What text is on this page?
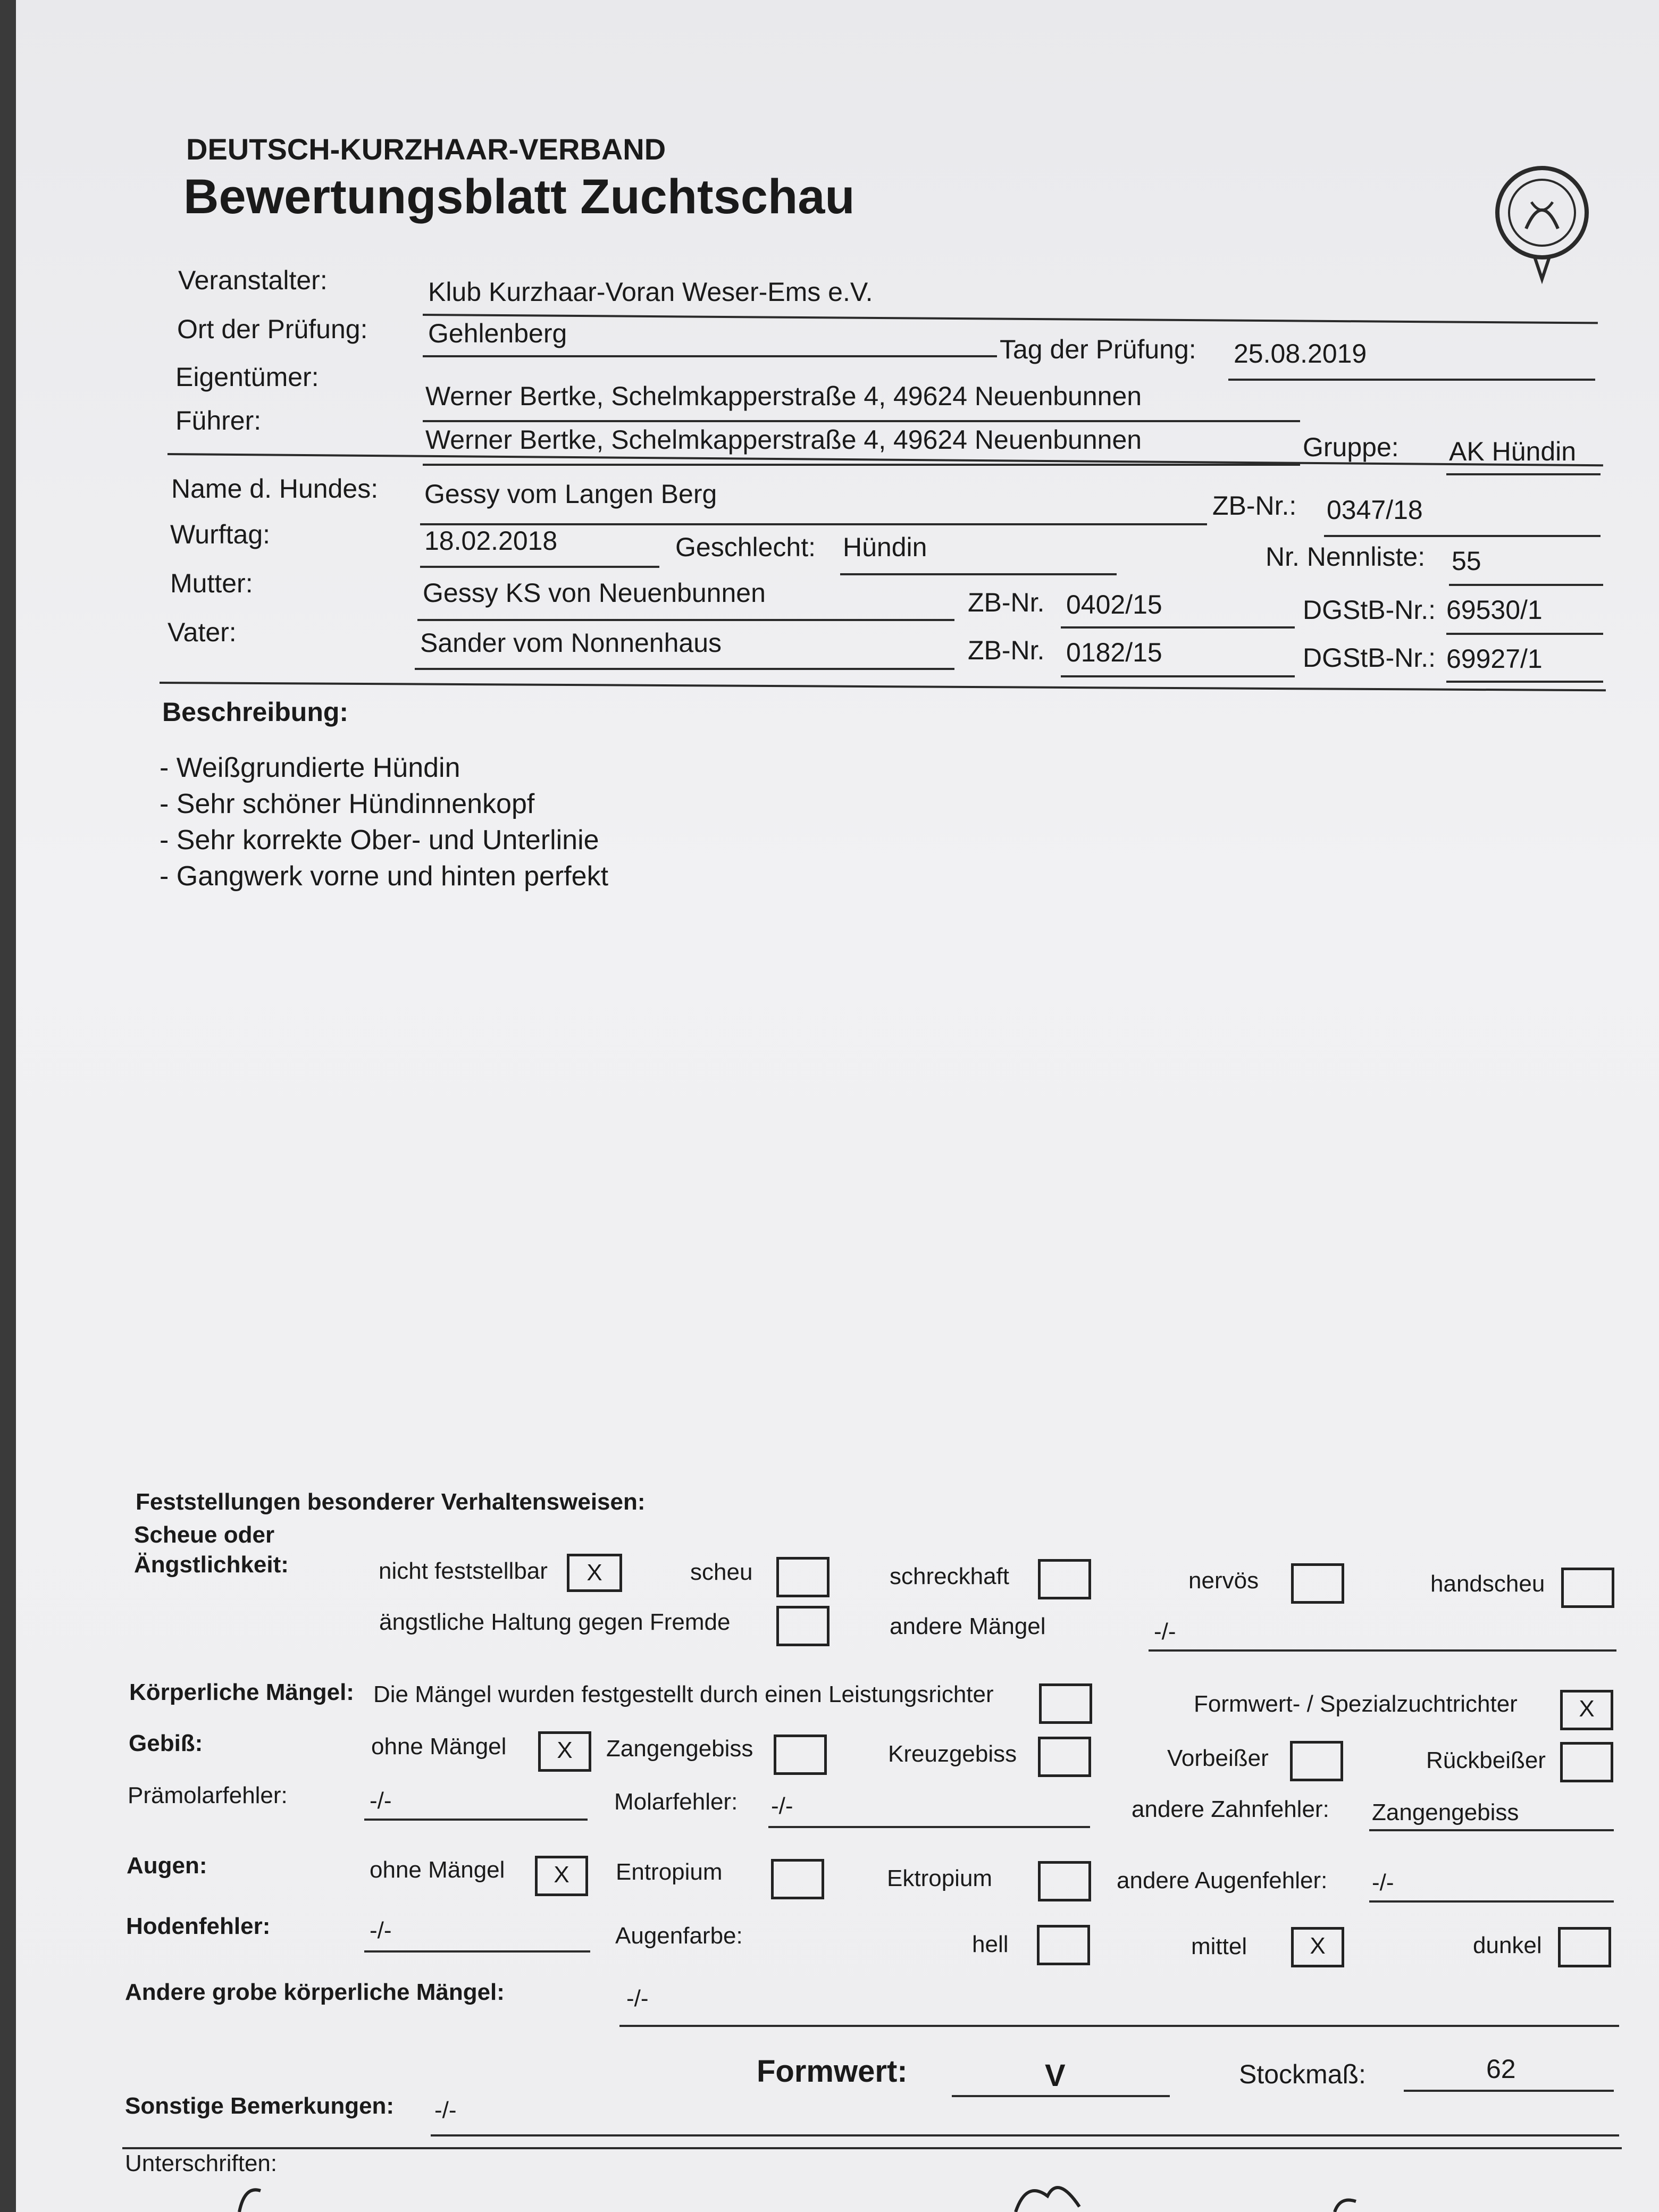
DEUTSCH-KURZHAAR-VERBAND
Bewertungsblatt Zuchtschau
Veranstalter:	Klub Kurzhaar-Voran Weser-Ems e.V.
Ort der Prüfung: Gehlenberg
Tag der Prüfung: 25.08.2019
Eigentümer:
Werner Bertke, Schelmkapperstraße 4, 49624 Neuenbunnen
Führer:
Werner Bertke, Schelmkapperstraße 4, 49624 Neuenbunnen	Gruppe: AK Hündin
Name d. Hundes: Gessy vom Langen Berg	ZB-Nr.: 0347/18
Wurftag:	18.02.2018	Geschlecht: Hündin	Nr. Nennliste: 55
Mutter:	Gessy KS von Neuenbunnen	ZB-Nr. 0402/15	DGStB-Nr.: 69530/1
Vater:	Sander vom Nonnenhaus	ZB-Nr. 0182/15	DGStB-Nr.: 69927/1
Beschreibung:
- Weißgrundierte Hündin
- Sehr schöner Hündinnenkopf
- Sehr korrekte Ober- und Unterlinie
- Gangwerk vorne und hinten perfekt
Feststellungen besonderer Verhaltensweisen:
Scheue oder
Ängstlichkeit:	nicht feststellbar	X	scheu	schreckhaft	nervös	handscheu
ängstliche Haltung gegen Fremde	andere Mängel	-/-
Körperliche Mängel: Die Mängel wurden festgestellt durch einen Leistungsrichter	Formwert- / Spezialzuchtrichter	X
Gebiß:	ohne Mängel	X	Zangengebiss	Kreuzgebiss	Vorbeißer	Rückbeißer
Prämolarfehler:	-/-	Molarfehler: -/-	andere Zahnfehler: Zangengebiss
Augen:	ohne Mängel	X	Entropium	Ektropium	andere Augenfehler: -/-
Hodenfehler:	-/-	Augenfarbe:	hell	mittel	X	dunkel
Andere grobe körperliche Mängel:	-/-
Formwert:	V	Stockmaß:	62
Sonstige Bemerkungen: -/-
Unterschriften:
